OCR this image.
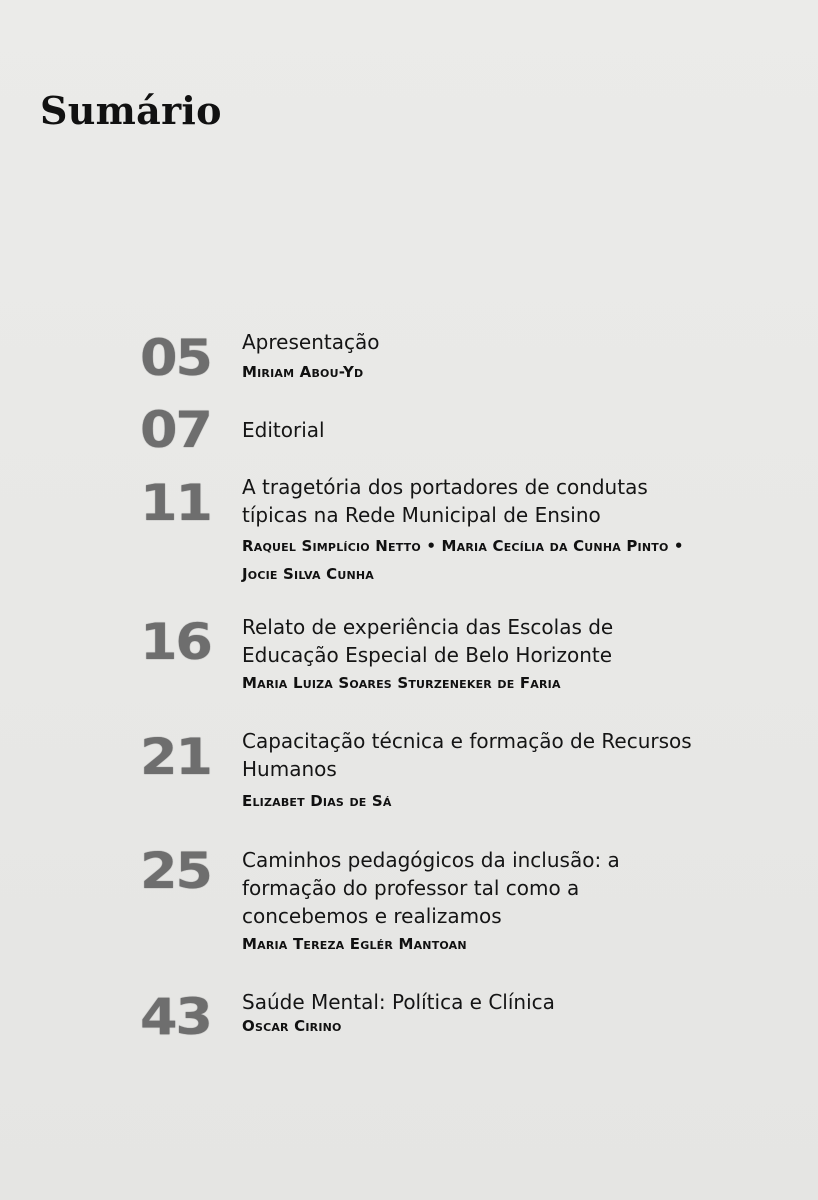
Sumário
05	Apresentação
Miriam Abou-Yd
07	Editorial
11	A tragetória dos portadores de condutas típicas na Rede Municipal de Ensino
Raquel Simplício Netto • Maria Cecília da Cunha Pinto • Jocie Silva Cunha
16	Relato de experiência das Escolas de Educação Especial de Belo Horizonte
Maria Luiza Soares Sturzeneker de Faria
21	Capacitação técnica e formação de Recursos Humanos
Elizabet Dias de Sá
25	Caminhos pedagógicos da inclusão: a formação do professor tal como a concebemos e realizamos
Maria Tereza Eglér Mantoan
43	Saúde Mental: Política e Clínica
Oscar Cirino
